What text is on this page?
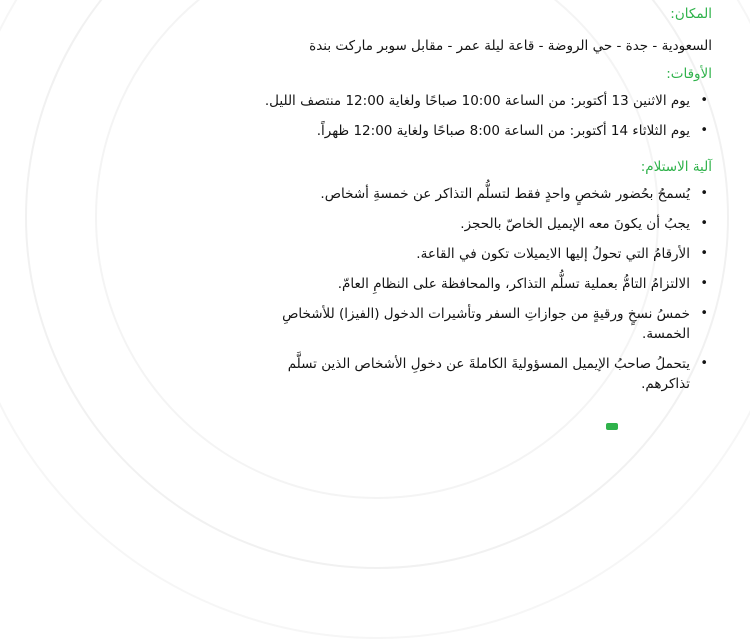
المكان:

السعودية - جدة - حي الروضة - قاعة ليلة عمر - مقابل سوبر ماركت بندة

الأوقات:

•
يوم الاثنين 13 أكتوبر: من الساعة 10:00 صباحًا ولغاية 12:00 منتصف الليل.
•
يوم الثلاثاء 14 أكتوبر: من الساعة 8:00 صباحًا ولغاية 12:00 ظهراً.

آلية الاستلام:

•
يُسمحُ بحُضور شخصٍ واحدٍ فقط لتسلُّم التذاكر عن خمسةِ أشخاص.
•
يجبُ أن يكونَ معه الإيميل الخاصّ بالحجز.
•
الأرقامُ التي تحولُ إليها الايميلات تكون في القاعة.
•
الالتزامُ التامُّ بعملية تسلُّم التذاكر، والمحافظة على النظامِ العامّ.
•
خمسُ نسخٍ ورقيةٍ من جوازاتِ السفر وتأشيرات الدخول (الفيزا) للأشخاصِ
الخمسة.
•
يتحملُ صاحبُ الإيميل المسؤوليةَ الكاملةَ عن دخولِ الأشخاص الذين تسلَّم
تذاكرهم.
